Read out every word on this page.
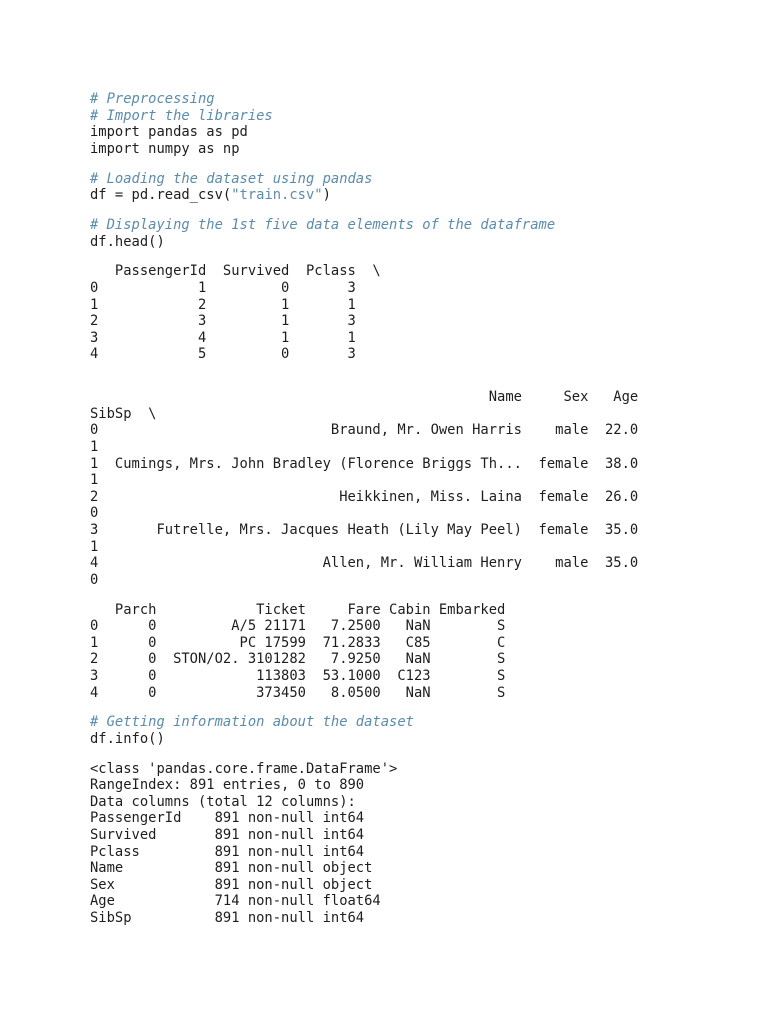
# Preprocessing
# Import the libraries
import pandas as pd
import numpy as np
# Loading the dataset using pandas
df = pd.read_csv("train.csv")
# Displaying the 1st five data elements of the dataframe
df.head()
PassengerId  Survived  Pclass  \
0            1         0       3
1            2         1       1
2            3         1       3
3            4         1       1
4            5         0       3
Name     Sex   Age
SibSp  \
0                            Braund, Mr. Owen Harris    male  22.0
1
1  Cumings, Mrs. John Bradley (Florence Briggs Th...  female  38.0
1
2                             Heikkinen, Miss. Laina  female  26.0
0
3       Futrelle, Mrs. Jacques Heath (Lily May Peel)  female  35.0
1
4                           Allen, Mr. William Henry    male  35.0
0
Parch            Ticket     Fare Cabin Embarked
0      0         A/5 21171   7.2500   NaN        S
1      0          PC 17599  71.2833   C85        C
2      0  STON/O2. 3101282   7.9250   NaN        S
3      0            113803  53.1000  C123        S
4      0            373450   8.0500   NaN        S
# Getting information about the dataset
df.info()
<class 'pandas.core.frame.DataFrame'>
RangeIndex: 891 entries, 0 to 890
Data columns (total 12 columns):
PassengerId    891 non-null int64
Survived       891 non-null int64
Pclass         891 non-null int64
Name           891 non-null object
Sex            891 non-null object
Age            714 non-null float64
SibSp          891 non-null int64
